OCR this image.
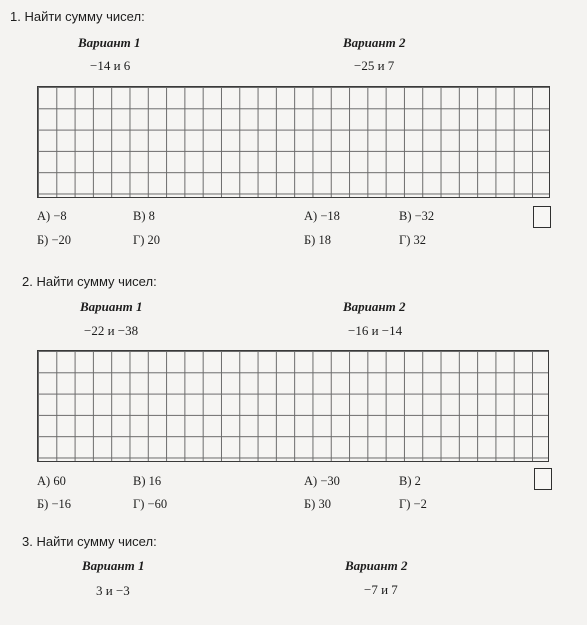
1. Найти сумму чисел:
Вариант 1
−14 и 6
Вариант 2
−25 и 7
А) −8	В) 8
Б) −20	Г) 20
А) −18	В) −32
Б) 18	Г) 32
2. Найти сумму чисел:
Вариант 1
−22 и −38
Вариант 2
−16 и −14
А) 60	В) 16
Б) −16	Г) −60
А) −30	В) 2
Б) 30	Г) −2
3. Найти сумму чисел:
Вариант 1
3 и −3
Вариант 2
−7 и 7
